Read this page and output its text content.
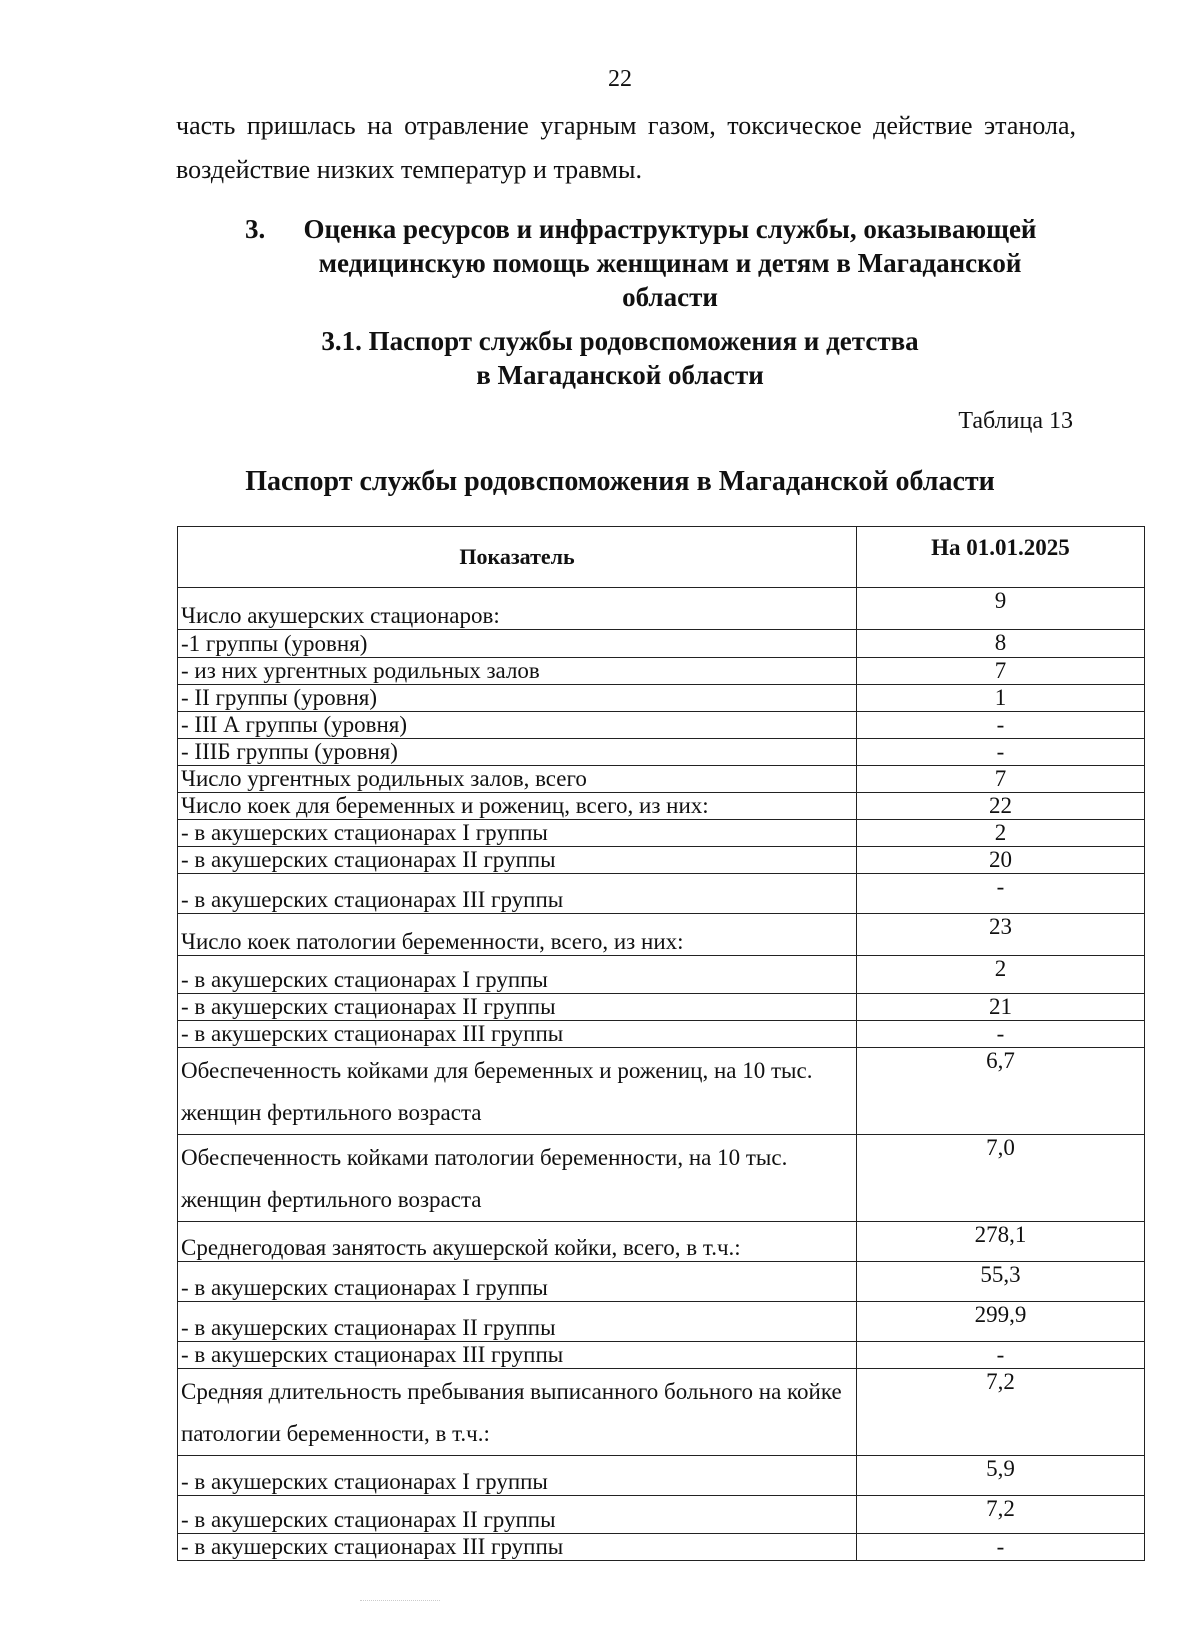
22
часть пришлась на отравление угарным газом, токсическое действие этанола, воздействие низких температур и травмы.
3.	Оценка ресурсов и инфраструктуры службы, оказывающей медицинскую помощь женщинам и детям в Магаданской области
3.1. Паспорт службы родовспоможения и детства
в Магаданской области
Таблица 13
Паспорт службы родовспоможения в Магаданской области
Показатель	На 01.01.2025
Число акушерских стационаров:	9
-1 группы (уровня)	8
- из них ургентных родильных залов	7
- II группы (уровня)	1
- III А группы (уровня)	-
- IIIБ группы (уровня)	-
Число ургентных родильных залов, всего	7
Число коек для беременных и рожениц, всего, из них:	22
- в акушерских стационарах I группы	2
- в акушерских стационарах II группы	20
- в акушерских стационарах III группы	-
Число коек патологии беременности, всего, из них:	23
- в акушерских стационарах I группы	2
- в акушерских стационарах II группы	21
- в акушерских стационарах III группы	-
Обеспеченность койками для беременных и рожениц, на 10 тыс. женщин фертильного возраста	6,7
Обеспеченность койками патологии беременности, на 10 тыс. женщин фертильного возраста	7,0
Среднегодовая занятость акушерской койки, всего, в т.ч.:	278,1
- в акушерских стационарах I группы	55,3
- в акушерских стационарах II группы	299,9
- в акушерских стационарах III группы	-
Средняя длительность пребывания выписанного больного на койке патологии беременности, в т.ч.:	7,2
- в акушерских стационарах I группы	5,9
- в акушерских стационарах II группы	7,2
- в акушерских стационарах III группы	-
